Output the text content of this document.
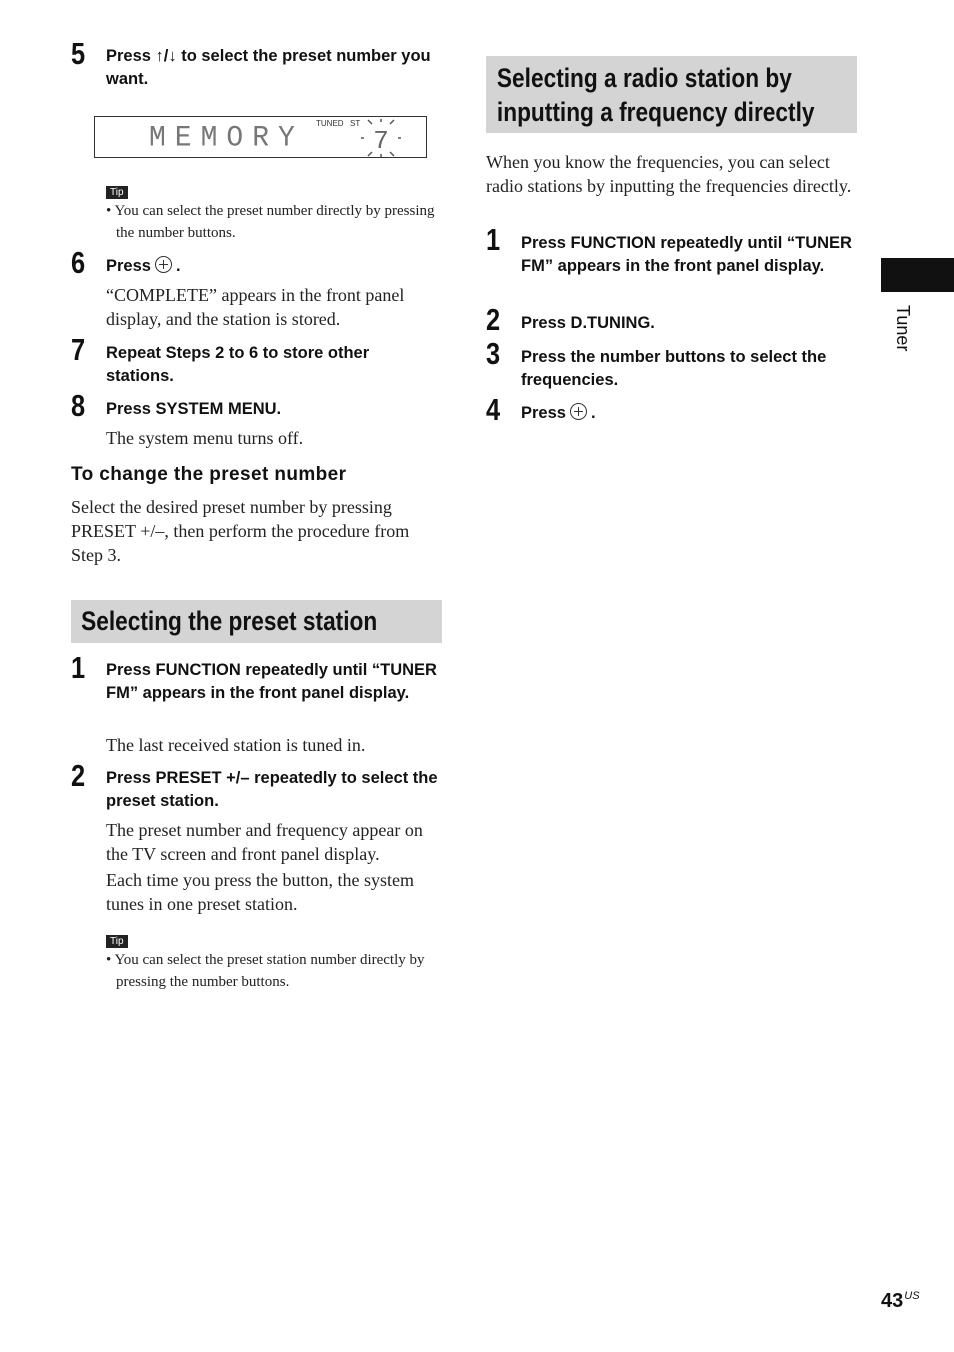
5 Press ↑/↓ to select the preset number you want.
MEMORY TUNED ST
7
Tip
• You can select the preset number directly by pressing the number buttons.
6 Press .
“COMPLETE” appears in the front panel display, and the station is stored.
7 Repeat Steps 2 to 6 to store other stations.
8 Press SYSTEM MENU.
The system menu turns off.
To change the preset number
Select the desired preset number by pressing PRESET +/–, then perform the procedure from Step 3.
Selecting the preset station
1 Press FUNCTION repeatedly until “TUNER FM” appears in the front panel display.
The last received station is tuned in.
2 Press PRESET +/– repeatedly to select the preset station.
The preset number and frequency appear on the TV screen and front panel display.
Each time you press the button, the system tunes in one preset station.
Tip
• You can select the preset station number directly by pressing the number buttons.
Selecting a radio station by inputting a frequency directly
When you know the frequencies, you can select radio stations by inputting the frequencies directly.
1 Press FUNCTION repeatedly until “TUNER FM” appears in the front panel display.
2 Press D.TUNING.
3 Press the number buttons to select the frequencies.
4 Press .
Tuner
$43^{US}$
